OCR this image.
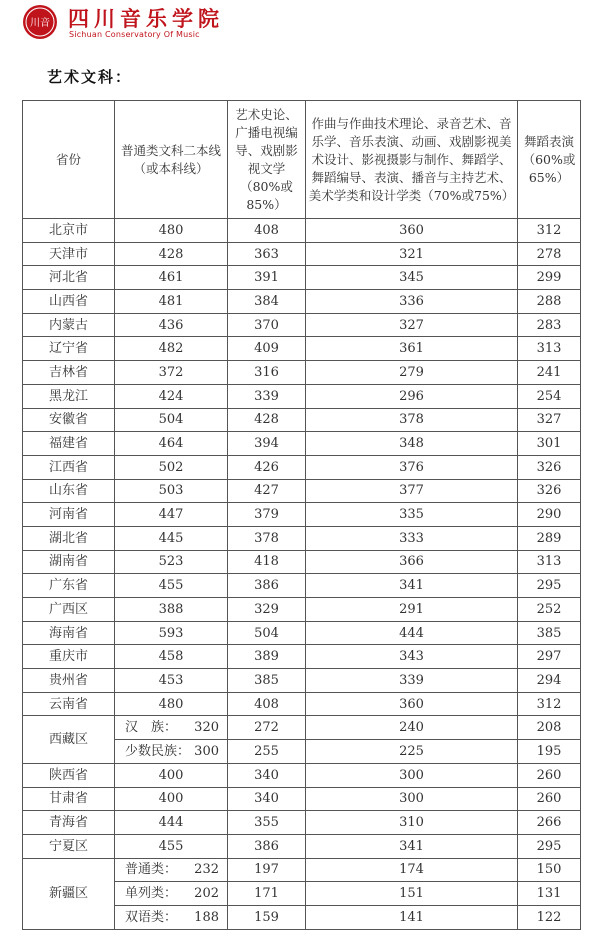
川音 四川音乐学院
Sichuan Conservatory Of Music
艺术文科：
省份	普通类文科二本线（或本科线）	艺术史论、广播电视编导、戏剧影视文学（80%或85%）	作曲与作曲技术理论、录音艺术、音乐学、音乐表演、动画、戏剧影视美术设计、影视摄影与制作、舞蹈学、舞蹈编导、表演、播音与主持艺术、美术学类和设计学类（70%或75%）	舞蹈表演（60%或65%）
北京市	480	408	360	312
天津市	428	363	321	278
河北省	461	391	345	299
山西省	481	384	336	288
内蒙古	436	370	327	283
辽宁省	482	409	361	313
吉林省	372	316	279	241
黑龙江	424	339	296	254
安徽省	504	428	378	327
福建省	464	394	348	301
江西省	502	426	376	326
山东省	503	427	377	326
河南省	447	379	335	290
湖北省	445	378	333	289
湖南省	523	418	366	313
广东省	455	386	341	295
广西区	388	329	291	252
海南省	593	504	444	385
重庆市	458	389	343	297
贵州省	453	385	339	294
云南省	480	408	360	312
西藏区	汉　族： 320	272	240	208

	少数民族： 300	255	225	195
陕西省	400	340	300	260
甘肃省	400	340	300	260
青海省	444	355	310	266
宁夏区	455	386	341	295
新疆区	普通类： 232	197	174	150

	单列类： 202	171	151	131

	双语类： 188	159	141	122
